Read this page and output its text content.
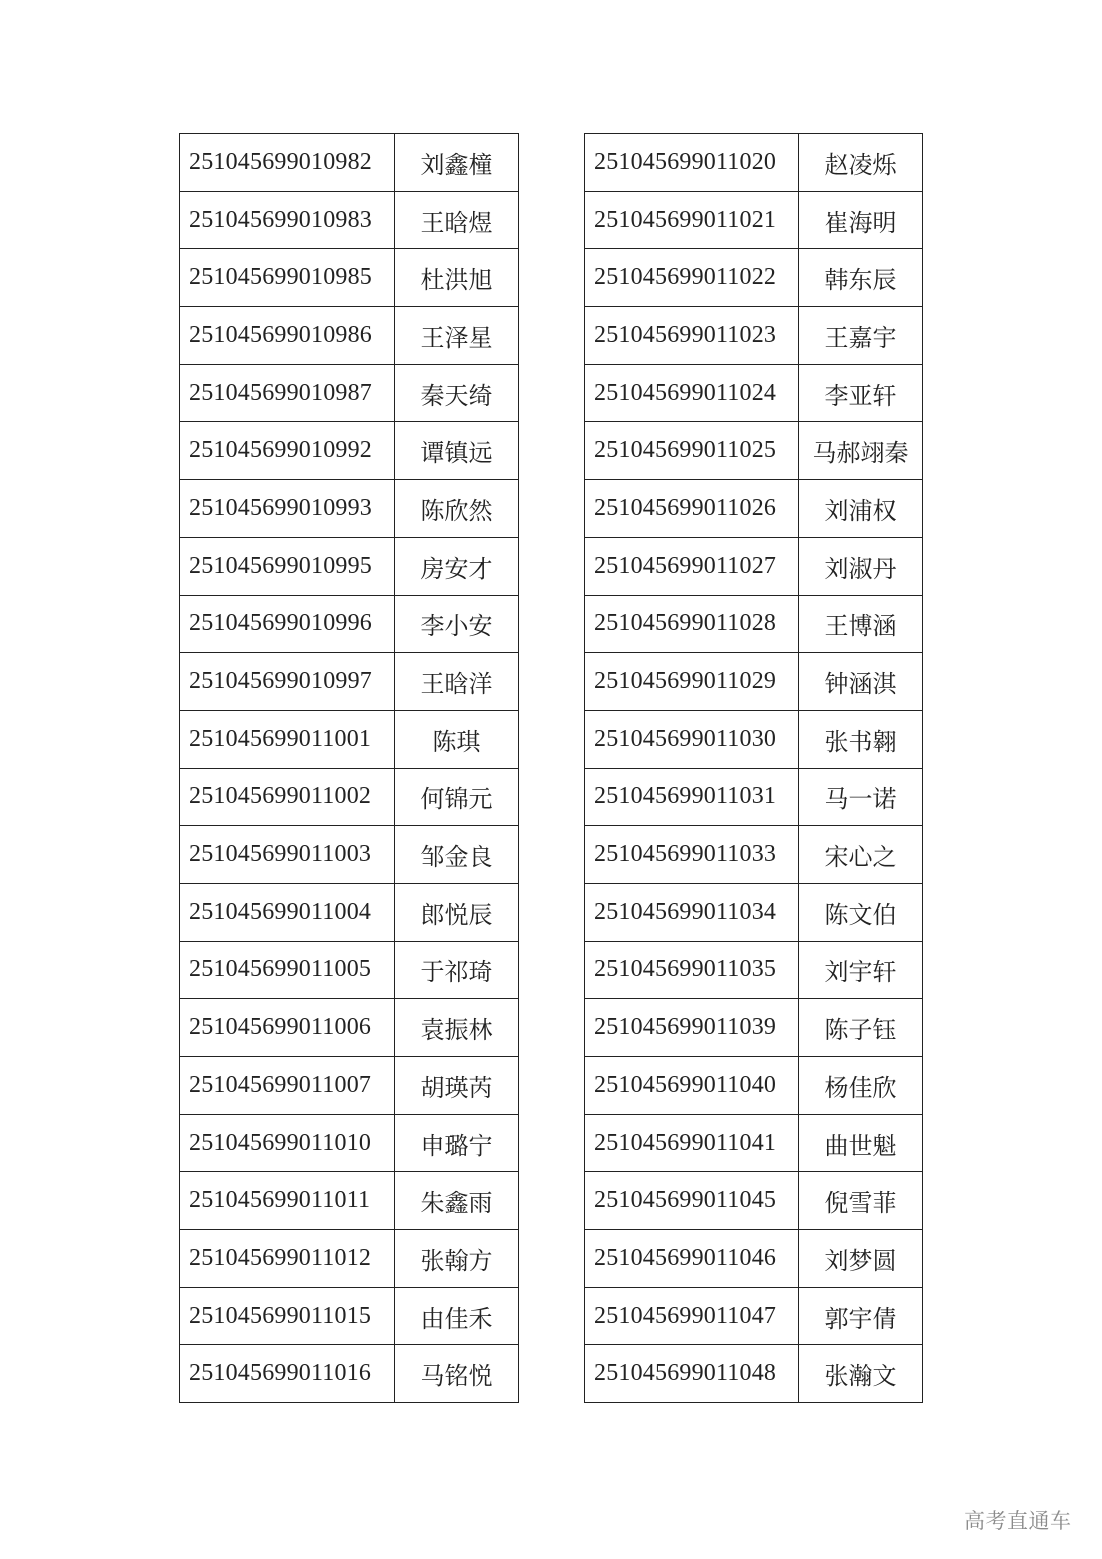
251045699010982	刘鑫橦
251045699010983	王晗煜
251045699010985	杜洪旭
251045699010986	王泽星
251045699010987	秦天绮
251045699010992	谭镇远
251045699010993	陈欣然
251045699010995	房安才
251045699010996	李小安
251045699010997	王晗洋
251045699011001	陈琪
251045699011002	何锦元
251045699011003	邹金良
251045699011004	郎悦辰
251045699011005	于祁琦
251045699011006	袁振林
251045699011007	胡瑛芮
251045699011010	申璐宁
251045699011011	朱鑫雨
251045699011012	张翰方
251045699011015	由佳禾
251045699011016	马铭悦
251045699011020	赵凌烁
251045699011021	崔海明
251045699011022	韩东辰
251045699011023	王嘉宇
251045699011024	李亚轩
251045699011025	马郝翊秦
251045699011026	刘浦权
251045699011027	刘淑丹
251045699011028	王博涵
251045699011029	钟涵淇
251045699011030	张书翱
251045699011031	马一诺
251045699011033	宋心之
251045699011034	陈文伯
251045699011035	刘宇轩
251045699011039	陈子钰
251045699011040	杨佳欣
251045699011041	曲世魁
251045699011045	倪雪菲
251045699011046	刘梦圆
251045699011047	郭宇倩
251045699011048	张瀚文
高考直通车
